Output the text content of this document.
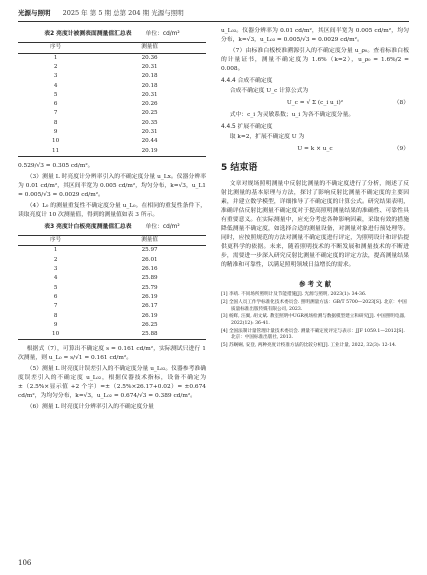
光源与照明 2025 年 第 5 期 总第 204 期 光源与照明
表2 亮度计被测表面测量值汇总表 单位：cd/m²
序号	测量值
1	20.36
2	20.31
3	20.18
4	20.18
5	20.31
6	20.26
7	20.25
8	20.35
9	20.31
10	20.44
11	20.19

0.529/√3 = 0.305 cd/m²。

（3）测量 L 时亮度计分辨率引入的不确定度分量 u_Lx。仪器分辨率为 0.01 cd/m²，其区间半宽为 0.005 cd/m²，均匀分布，k=√3，u_L1 = 0.005/√3 = 0.0029 cd/m²。

（4）L₀ 的测量重复性不确定度分量 u_L₀。在相同的重复性条件下，读取亮度计 10 次测量值，得到的测量值如表 3 所示。

表3 亮度计白板亮度测量值汇总表 单位：cd/m²
序号	测量值
1	25.97
2	26.01
3	26.16
4	25.89
5	25.79
6	26.19
7	26.17
8	26.19
9	26.25
10	25.88

根据式（7），可算出不确定度 s = 0.161 cd/m²，实际测试只进行 1 次测量，则 u_L₀ = s/√1 = 0.161 cd/m²。

（5）测量 L 时亮度计误差引入的不确定度分量 u_L₀₂。仪器参考准确度误差引入的不确定度 u_L₀₂，根据仪器技术指标，设备不确定为 ±（2.5%×显示值 +2 个字）=±（2.5%×26.17+0.02）= ±0.674 cd/m²，为均匀分布，k=√3，u_L₀₂ = 0.674/√3 = 0.389 cd/m²。

（6）测量 L 时亮度计分辨率引入的不确定度分量

u_L₀₃。仪器分辨率为 0.01 cd/m²，其区间半宽为 0.005 cd/m²，均匀分布，k=√3，u_L₀₃ = 0.005/√3 = 0.0029 cd/m²。

（7）由标准白板校准溯源引入的不确定度分量 u_ρ₀。查看标准白板的计量证书，测量不确定度为 1.6%（k=2），u_ρ₀ = 1.6%/2 = 0.008。

4.4.4 合成不确定度

合成不确定度 U_c 计算公式为

U_c = √ Σ (c_i u_i)²	（8）

式中：c_i 为灵敏系数；u_i 为各不确定度分量。

4.4.5 扩展不确定度

取 k=2，扩展不确定度 U 为

U = k × u_c	（9）
5 结束语

文章对规场照明测量中反射比测量的不确定度进行了分析，阐述了反射比测量的基本原理与方法，探讨了影响反射比测量不确定度的主要因素，并建立数学模型，详细推导了不确定度的计算公式。研究结果表明，准确评估反射比测量不确定度对于提高照明测量结果的准确性、可靠性具有重要意义。在实际测量中，应充分考虑各种影响因素，采取有效的措施降低测量不确定度，如选择合适的测量设备，对测量对象进行预处理等。同时，应按照规范的方法对测量不确定度进行评定，为照明设计和评估提供更科学的依据。未来，随着照明技术的不断发展和测量技术的不断进步，需要进一步深入研究反射比测量不确定度的评定方法，提高测量结果的精准和可靠性，以满足照明领域日益增长的需求。

参 考 文 献
[1] 李靖. 不同场所照明计及节能措施[J]. 光源与照明, 2023(1): 34-36.
[2] 全国人员工作学标准化技术委员会. 照明测量方法：GB/T 5700—2023[S]. 北京：中国质量标准出版传媒有限公司, 2023.
[3] 杨辉, 汪翼, 胡文斌. 教室照明中UGR视场检测与数据模型建立和研究[J]. 中国照明电器, 2022(12): 36-41.
[4] 全国法制计量管理计量技术委员会. 测量不确定度评定与表示：JJF 1059.1—2012[S]. 北京：中国标准出版社, 2013.
[5] 苏娴娴, 安登, 两种亮度计校准方法的比较分析[J]. 工业计量, 2022, 32(3): 12-14.
106
